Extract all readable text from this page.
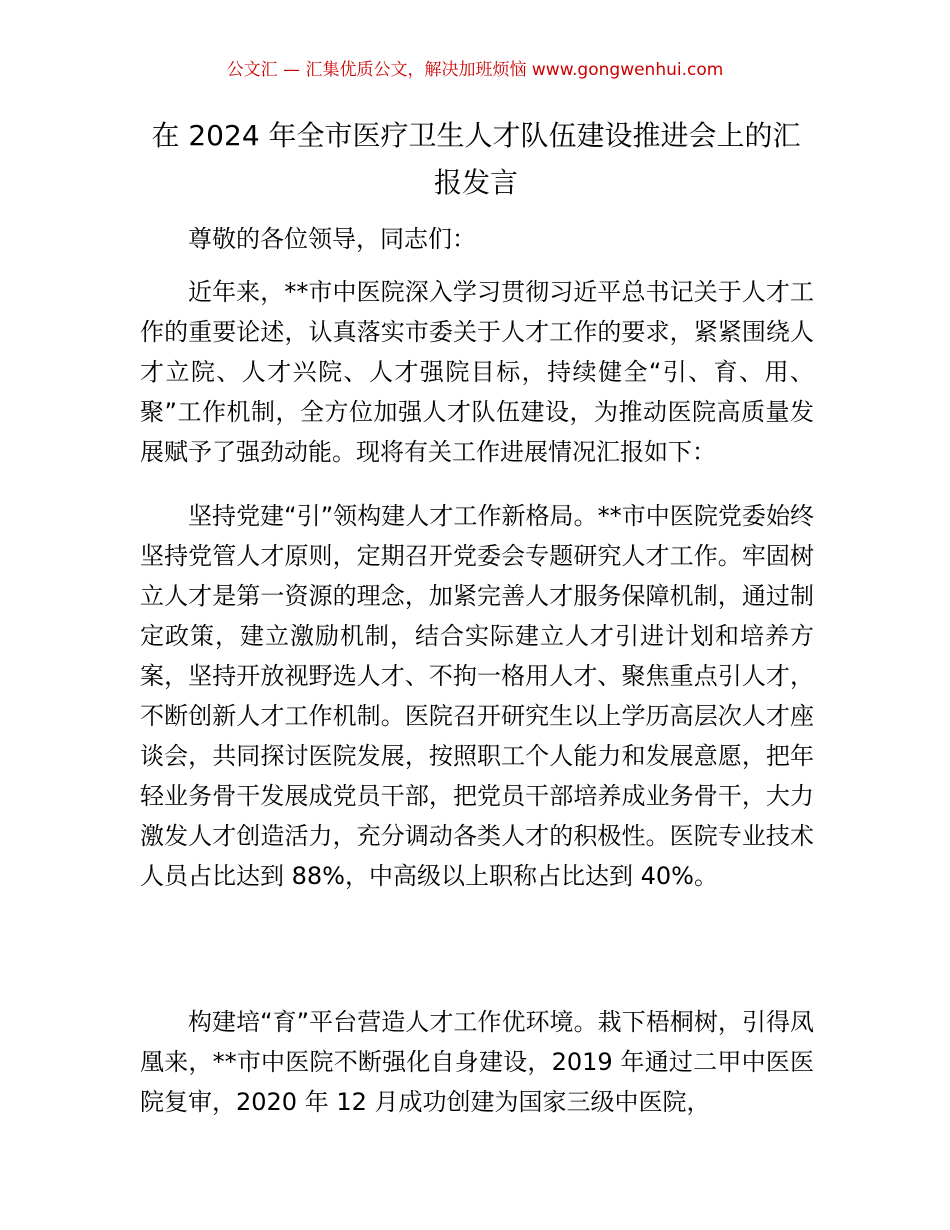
公文汇 — 汇集优质公文，解决加班烦恼 www.gongwenhui.com
在 2024 年全市医疗卫生人才队伍建设推进会上的汇报发言

尊敬的各位领导，同志们：

近年来，**市中医院深入学习贯彻习近平总书记关于人才工作的重要论述，认真落实市委关于人才工作的要求，紧紧围绕人才立院、人才兴院、人才强院目标，持续健全“引、育、用、聚”工作机制，全方位加强人才队伍建设，为推动医院高质量发展赋予了强劲动能。现将有关工作进展情况汇报如下：

坚持党建“引”领构建人才工作新格局。**市中医院党委始终坚持党管人才原则，定期召开党委会专题研究人才工作。牢固树立人才是第一资源的理念，加紧完善人才服务保障机制，通过制定政策，建立激励机制，结合实际建立人才引进计划和培养方案，坚持开放视野选人才、不拘一格用人才、聚焦重点引人才，不断创新人才工作机制。医院召开研究生以上学历高层次人才座谈会，共同探讨医院发展，按照职工个人能力和发展意愿，把年轻业务骨干发展成党员干部，把党员干部培养成业务骨干，大力激发人才创造活力，充分调动各类人才的积极性。医院专业技术人员占比达到 88%，中高级以上职称占比达到 40%。

构建培“育”平台营造人才工作优环境。栽下梧桐树，引得凤凰来，**市中医院不断强化自身建设，2019 年通过二甲中医医院复审，2020 年 12 月成功创建为国家三级中医院，
